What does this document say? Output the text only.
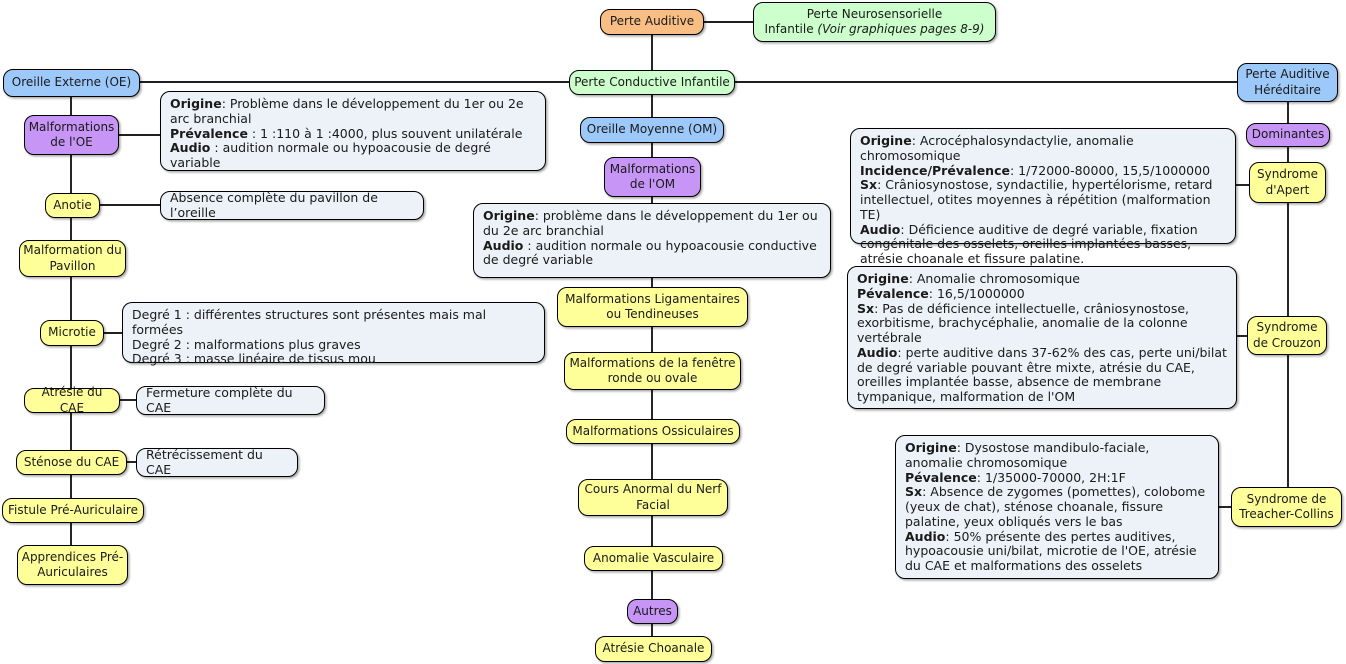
Perte Auditive
Perte Neurosensorielle
Infantile (Voir graphiques pages 8-9)
Perte Conductive Infantile
Oreille Externe (OE)
Perte Auditive Héréditaire
Malformations de l'OE
Origine: Problème dans le développement du 1er ou 2e arc branchial
Prévalence : 1 :110 à 1 :4000, plus souvent unilatérale
Audio : audition normale ou hypoacousie de degré variable
Anotie
Absence complète du pavillon de l’oreille
Malformation du Pavillon
Microtie
Degré 1 : différentes structures sont présentes mais mal formées
Degré 2 : malformations plus graves
Degré 3 : masse linéaire de tissus mou
Atrésie du CAE
Fermeture complète du CAE
Sténose du CAE
Rétrécissement du CAE
Fistule Pré-Auriculaire
Apprendices Pré-Auriculaires
Oreille Moyenne (OM)
Malformations de l'OM
Origine: problème dans le développement du 1er ou du 2e arc branchial
Audio : audition normale ou hypoacousie conductive de degré variable
Malformations Ligamentaires ou Tendineuses
Malformations de la fenêtre ronde ou ovale
Malformations Ossiculaires
Cours Anormal du Nerf Facial
Anomalie Vasculaire
Autres
Atrésie Choanale
Dominantes
Syndrome d'Apert
Origine: Acrocéphalosyndactylie, anomalie chromosomique
Incidence/Prévalence: 1/72000-80000, 15,5/1000000
Sx: Crâniosynostose, syndactilie, hypertélorisme, retard intellectuel, otites moyennes à répétition (malformation TE)
Audio: Déficience auditive de degré variable, fixation congénitale des osselets, oreilles implantées basses, atrésie choanale et fissure palatine.
Syndrome de Crouzon
Origine: Anomalie chromosomique
Pévalence: 16,5/1000000
Sx: Pas de déficience intellectuelle, crâniosynostose, exorbitisme, brachycéphalie, anomalie de la colonne vertébrale
Audio: perte auditive dans 37-62% des cas, perte uni/bilat de degré variable pouvant être mixte, atrésie du CAE, oreilles implantée basse, absence de membrane tympanique, malformation de l'OM
Syndrome de Treacher-Collins
Origine: Dysostose mandibulo-faciale, anomalie chromosomique
Pévalence: 1/35000-70000, 2H:1F
Sx: Absence de zygomes (pomettes), colobome (yeux de chat), sténose choanale, fissure palatine, yeux obliqués vers le bas
Audio: 50% présente des pertes auditives, hypoacousie uni/bilat, microtie de l'OE, atrésie du CAE et malformations des osselets
